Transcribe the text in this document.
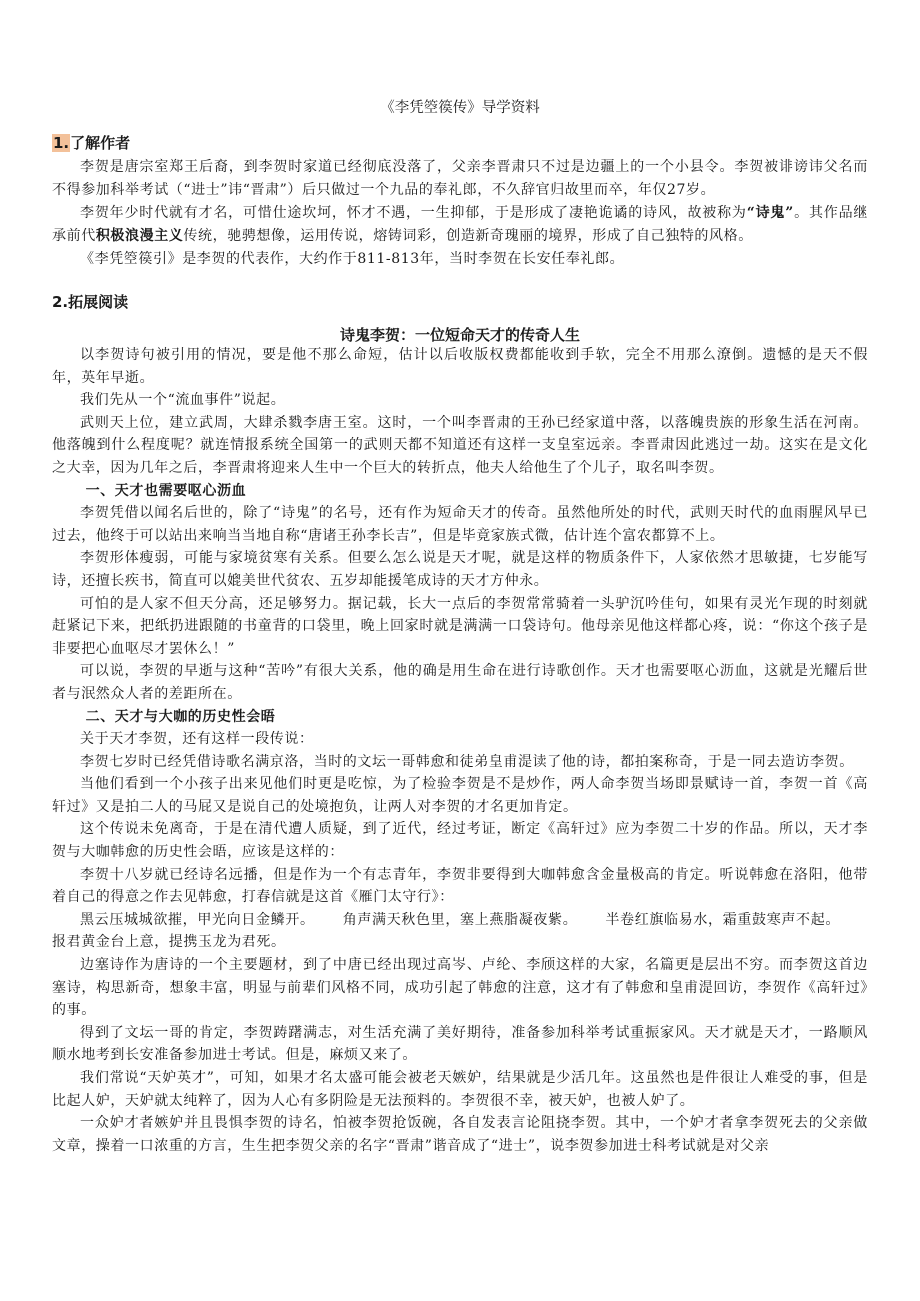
《李凭箜篌传》导学资料
1.了解作者

李贺是唐宗室郑王后裔，到李贺时家道已经彻底没落了，父亲李晋肃只不过是边疆上的一个小县令。李贺被诽谤讳父名而不得参加科举考试（“进士”讳“晋肃”）后只做过一个九品的奉礼郎，不久辞官归故里而卒，年仅27岁。

李贺年少时代就有才名，可惜仕途坎坷，怀才不遇，一生抑郁，于是形成了凄艳诡谲的诗风，故被称为“诗鬼”。其作品继承前代积极浪漫主义传统，驰骋想像，运用传说，熔铸词彩，创造新奇瑰丽的境界，形成了自己独特的风格。

《李凭箜篌引》是李贺的代表作，大约作于811-813年，当时李贺在长安任奉礼郎。

2.拓展阅读
诗鬼李贺：一位短命天才的传奇人生

以李贺诗句被引用的情况，要是他不那么命短，估计以后收版权费都能收到手软，完全不用那么潦倒。遗憾的是天不假年，英年早逝。

我们先从一个“流血事件”说起。

武则天上位，建立武周，大肆杀戮李唐王室。这时，一个叫李晋肃的王孙已经家道中落，以落魄贵族的形象生活在河南。他落魄到什么程度呢？就连情报系统全国第一的武则天都不知道还有这样一支皇室远亲。李晋肃因此逃过一劫。这实在是文化之大幸，因为几年之后，李晋肃将迎来人生中一个巨大的转折点，他夫人给他生了个儿子，取名叫李贺。

一、天才也需要呕心沥血

李贺凭借以闻名后世的，除了“诗鬼”的名号，还有作为短命天才的传奇。虽然他所处的时代，武则天时代的血雨腥风早已过去，他终于可以站出来响当当地自称“唐诸王孙李长吉”，但是毕竟家族式微，估计连个富农都算不上。

李贺形体瘦弱，可能与家境贫寒有关系。但要么怎么说是天才呢，就是这样的物质条件下，人家依然才思敏捷，七岁能写诗，还擅长疾书，简直可以媲美世代贫农、五岁却能援笔成诗的天才方仲永。

可怕的是人家不但天分高，还足够努力。据记载，长大一点后的李贺常常骑着一头驴沉吟佳句，如果有灵光乍现的时刻就赶紧记下来，把纸扔进跟随的书童背的口袋里，晚上回家时就是满满一口袋诗句。他母亲见他这样都心疼，说：“你这个孩子是非要把心血呕尽才罢休么！”

可以说，李贺的早逝与这种“苦吟”有很大关系，他的确是用生命在进行诗歌创作。天才也需要呕心沥血，这就是光耀后世者与泯然众人者的差距所在。

二、天才与大咖的历史性会晤

关于天才李贺，还有这样一段传说：

李贺七岁时已经凭借诗歌名满京洛，当时的文坛一哥韩愈和徒弟皇甫湜读了他的诗，都拍案称奇，于是一同去造访李贺。

当他们看到一个小孩子出来见他们时更是吃惊，为了检验李贺是不是炒作，两人命李贺当场即景赋诗一首，李贺一首《高轩过》又是拍二人的马屁又是说自己的处境抱负，让两人对李贺的才名更加肯定。

这个传说未免离奇，于是在清代遭人质疑，到了近代，经过考证，断定《高轩过》应为李贺二十岁的作品。所以，天才李贺与大咖韩愈的历史性会晤，应该是这样的：

李贺十八岁就已经诗名远播，但是作为一个有志青年，李贺非要得到大咖韩愈含金量极高的肯定。听说韩愈在洛阳，他带着自己的得意之作去见韩愈，打春信就是这首《雁门太守行》：

黑云压城城欲摧，甲光向日金鳞开。 角声满天秋色里，塞上燕脂凝夜紫。 半卷红旗临易水，霜重鼓寒声不起。报君黄金台上意，提携玉龙为君死。

边塞诗作为唐诗的一个主要题材，到了中唐已经出现过高岑、卢纶、李颀这样的大家，名篇更是层出不穷。而李贺这首边塞诗，构思新奇，想象丰富，明显与前辈们风格不同，成功引起了韩愈的注意，这才有了韩愈和皇甫湜回访，李贺作《高轩过》的事。

得到了文坛一哥的肯定，李贺踌躇满志，对生活充满了美好期待，准备参加科举考试重振家风。天才就是天才，一路顺风顺水地考到长安准备参加进士考试。但是，麻烦又来了。

我们常说“天妒英才”，可知，如果才名太盛可能会被老天嫉妒，结果就是少活几年。这虽然也是件很让人难受的事，但是比起人妒，天妒就太纯粹了，因为人心有多阴险是无法预料的。李贺很不幸，被天妒，也被人妒了。

一众妒才者嫉妒并且畏惧李贺的诗名，怕被李贺抢饭碗，各自发表言论阻挠李贺。其中，一个妒才者拿李贺死去的父亲做文章，操着一口浓重的方言，生生把李贺父亲的名字“晋肃”谐音成了“进士”，说李贺参加进士科考试就是对父亲
